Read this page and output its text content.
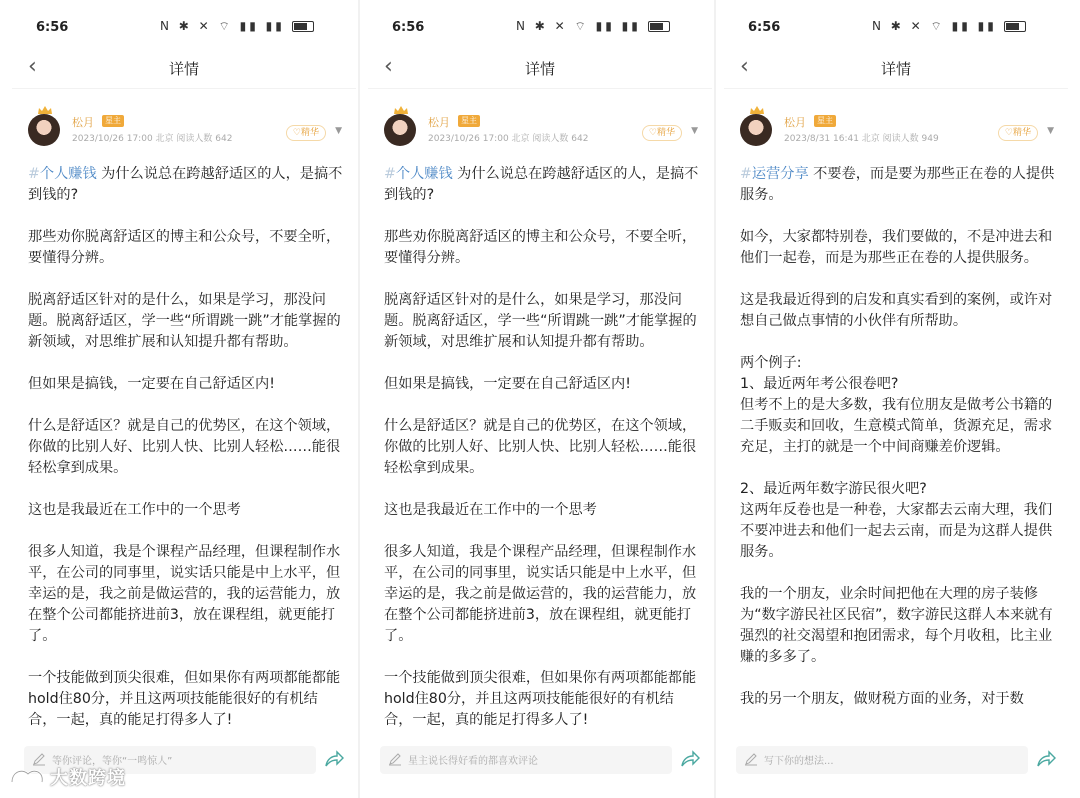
6:56	N ✱ ✕ ⌔ ▮▮ ▮▮
‹	详情
松月	星主
2023/10/26 17:00 北京 阅读人数 642
♡精华	▼

#个人赚钱 为什么说总在跨越舒适区的人，是搞不到钱的?

那些劝你脱离舒适区的博主和公众号，不要全听，要懂得分辨。

脱离舒适区针对的是什么，如果是学习，那没问题。脱离舒适区，学一些“所谓跳一跳”才能掌握的新领域，对思维扩展和认知提升都有帮助。

但如果是搞钱，一定要在自己舒适区内!

什么是舒适区？就是自己的优势区，在这个领域，你做的比别人好、比别人快、比别人轻松……能很轻松拿到成果。

这也是我最近在工作中的一个思考

很多人知道，我是个课程产品经理，但课程制作水平，在公司的同事里，说实话只能是中上水平，但幸运的是，我之前是做运营的，我的运营能力，放在整个公司都能挤进前3，放在课程组，就更能打了。

一个技能做到顶尖很难，但如果你有两项都能都能hold住80分，并且这两项技能能很好的有机结合，一起，真的能足打得多人了!

等你评论，等你“一鸣惊人”
6:56	N ✱ ✕ ⌔ ▮▮ ▮▮
‹	详情
松月	星主
2023/10/26 17:00 北京 阅读人数 642
♡精华	▼

#个人赚钱 为什么说总在跨越舒适区的人，是搞不到钱的?

那些劝你脱离舒适区的博主和公众号，不要全听，要懂得分辨。

脱离舒适区针对的是什么，如果是学习，那没问题。脱离舒适区，学一些“所谓跳一跳”才能掌握的新领域，对思维扩展和认知提升都有帮助。

但如果是搞钱，一定要在自己舒适区内!

什么是舒适区？就是自己的优势区，在这个领域，你做的比别人好、比别人快、比别人轻松……能很轻松拿到成果。

这也是我最近在工作中的一个思考

很多人知道，我是个课程产品经理，但课程制作水平，在公司的同事里，说实话只能是中上水平，但幸运的是，我之前是做运营的，我的运营能力，放在整个公司都能挤进前3，放在课程组，就更能打了。

一个技能做到顶尖很难，但如果你有两项都能都能hold住80分，并且这两项技能能很好的有机结合，一起，真的能足打得多人了!

星主说长得好看的都喜欢评论
6:56	N ✱ ✕ ⌔ ▮▮ ▮▮
‹	详情
松月	星主
2023/8/31 16:41 北京 阅读人数 949
♡精华	▼

#运营分享 不要卷，而是要为那些正在卷的人提供服务。

如今，大家都特别卷，我们要做的，不是冲进去和他们一起卷，而是为那些正在卷的人提供服务。

这是我最近得到的启发和真实看到的案例，或许对想自己做点事情的小伙伴有所帮助。

两个例子:
1、最近两年考公很卷吧?
但考不上的是大多数，我有位朋友是做考公书籍的二手贩卖和回收，生意模式简单，货源充足，需求充足，主打的就是一个中间商赚差价逻辑。

2、最近两年数字游民很火吧?
这两年反卷也是一种卷，大家都去云南大理，我们不要冲进去和他们一起去云南，而是为这群人提供服务。

我的一个朋友，业余时间把他在大理的房子装修为“数字游民社区民宿”，数字游民这群人本来就有强烈的社交渴望和抱团需求，每个月收租，比主业赚的多多了。

我的另一个朋友，做财税方面的业务，对于数

写下你的想法...
大数跨境
